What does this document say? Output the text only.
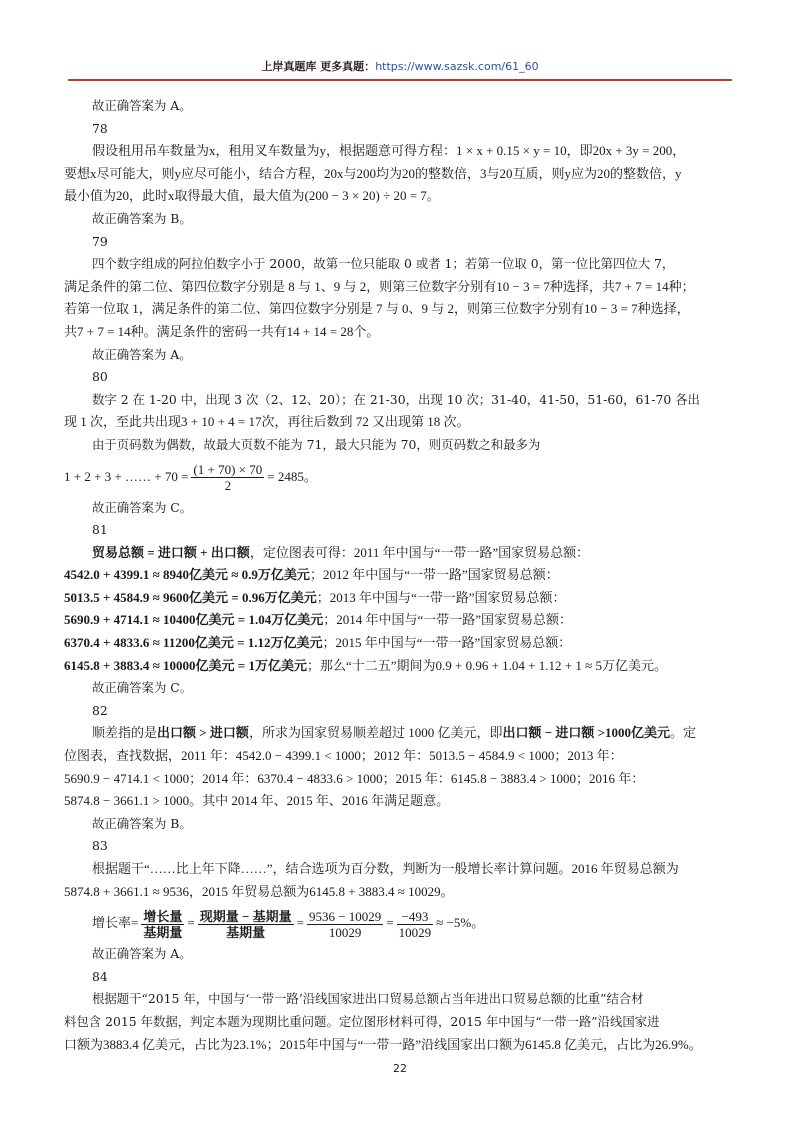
上岸真题库 更多真题：https://www.sazsk.com/61_60

故正确答案为 A。

78

假设租用吊车数量为x，租用叉车数量为y，根据题意可得方程：1 × x + 0.15 × y = 10，即20x + 3y = 200，

要想x尽可能大，则y应尽可能小，结合方程，20x与200均为20的整数倍，3与20互质，则y应为20的整数倍，y

最小值为20，此时x取得最大值，最大值为(200 − 3 × 20) ÷ 20 = 7。

故正确答案为 B。

79

四个数字组成的阿拉伯数字小于 2000，故第一位只能取 0 或者 1；若第一位取 0，第一位比第四位大 7，

满足条件的第二位、第四位数字分别是 8 与 1、9 与 2，则第三位数字分别有10 − 3 = 7种选择，共7 + 7 = 14种；

若第一位取 1，满足条件的第二位、第四位数字分别是 7 与 0、9 与 2，则第三位数字分别有10 − 3 = 7种选择，

共7 + 7 = 14种。满足条件的密码一共有14 + 14 = 28个。

故正确答案为 A。

80

数字 2 在 1-20 中，出现 3 次（2、12、20）；在 21-30，出现 10 次；31-40，41-50，51-60，61-70 各出

现 1 次，至此共出现3 + 10 + 4 = 17次，再往后数到 72 又出现第 18 次。

由于页码数为偶数，故最大页数不能为 71，最大只能为 70，则页码数之和最多为

1 + 2 + 3 + …… + $70 = \frac{(1 + 70) \times 70}{2} = 2485$。

故正确答案为 C。

81

贸易总额 = 进口额 + 出口额，定位图表可得：2011 年中国与“一带一路”国家贸易总额：

4542.0 + 4399.1 ≈ 8940亿美元 ≈ 0.9万亿美元；2012 年中国与“一带一路”国家贸易总额：

5013.5 + 4584.9 ≈ 9600亿美元 = 0.96万亿美元；2013 年中国与“一带一路”国家贸易总额：

5690.9 + 4714.1 ≈ 10400亿美元 = 1.04万亿美元；2014 年中国与“一带一路”国家贸易总额：

6370.4 + 4833.6 ≈ 11200亿美元 = 1.12万亿美元；2015 年中国与“一带一路”国家贸易总额：

6145.8 + 3883.4 ≈ 10000亿美元 = 1万亿美元；那么“十二五”期间为0.9 + 0.96 + 1.04 + 1.12 + 1 ≈ 5万亿美元。

故正确答案为 C。

82

顺差指的是出口额 > 进口额，所求为国家贸易顺差超过 1000 亿美元，即出口额 − 进口额 >1000亿美元。定

位图表，查找数据，2011 年：4542.0 − 4399.1 < 1000；2012 年：5013.5 − 4584.9 < 1000；2013 年：

5690.9 − 4714.1 < 1000；2014 年：6370.4 − 4833.6 > 1000；2015 年：6145.8 − 3883.4 > 1000；2016 年：

5874.8 − 3661.1 > 1000。其中 2014 年、2015 年、2016 年满足题意。

故正确答案为 B。

83

根据题干“……比上年下降……”，结合选项为百分数，判断为一般增长率计算问题。2016 年贸易总额为

5874.8 + 3661.1 ≈ 9536，2015 年贸易总额为6145.8 + 3883.4 ≈ 10029。

增长率= $\frac{\text{增长量}}{\text{基期量}} = \frac{\text{现期量 − 基期量}}{\text{基期量}} = \frac{9536 - 10029}{10029} = \frac{-493}{10029} \approx -5\%$。

故正确答案为 A。

84

根据题干“2015 年，中国与‘一带一路’沿线国家进出口贸易总额占当年进出口贸易总额的比重”结合材

料包含 2015 年数据，判定本题为现期比重问题。定位图形材料可得，2015 年中国与“一带一路”沿线国家进

口额为3883.4 亿美元，占比为23.1%；2015年中国与“一带一路”沿线国家出口额为6145.8 亿美元，占比为26.9%。

22
